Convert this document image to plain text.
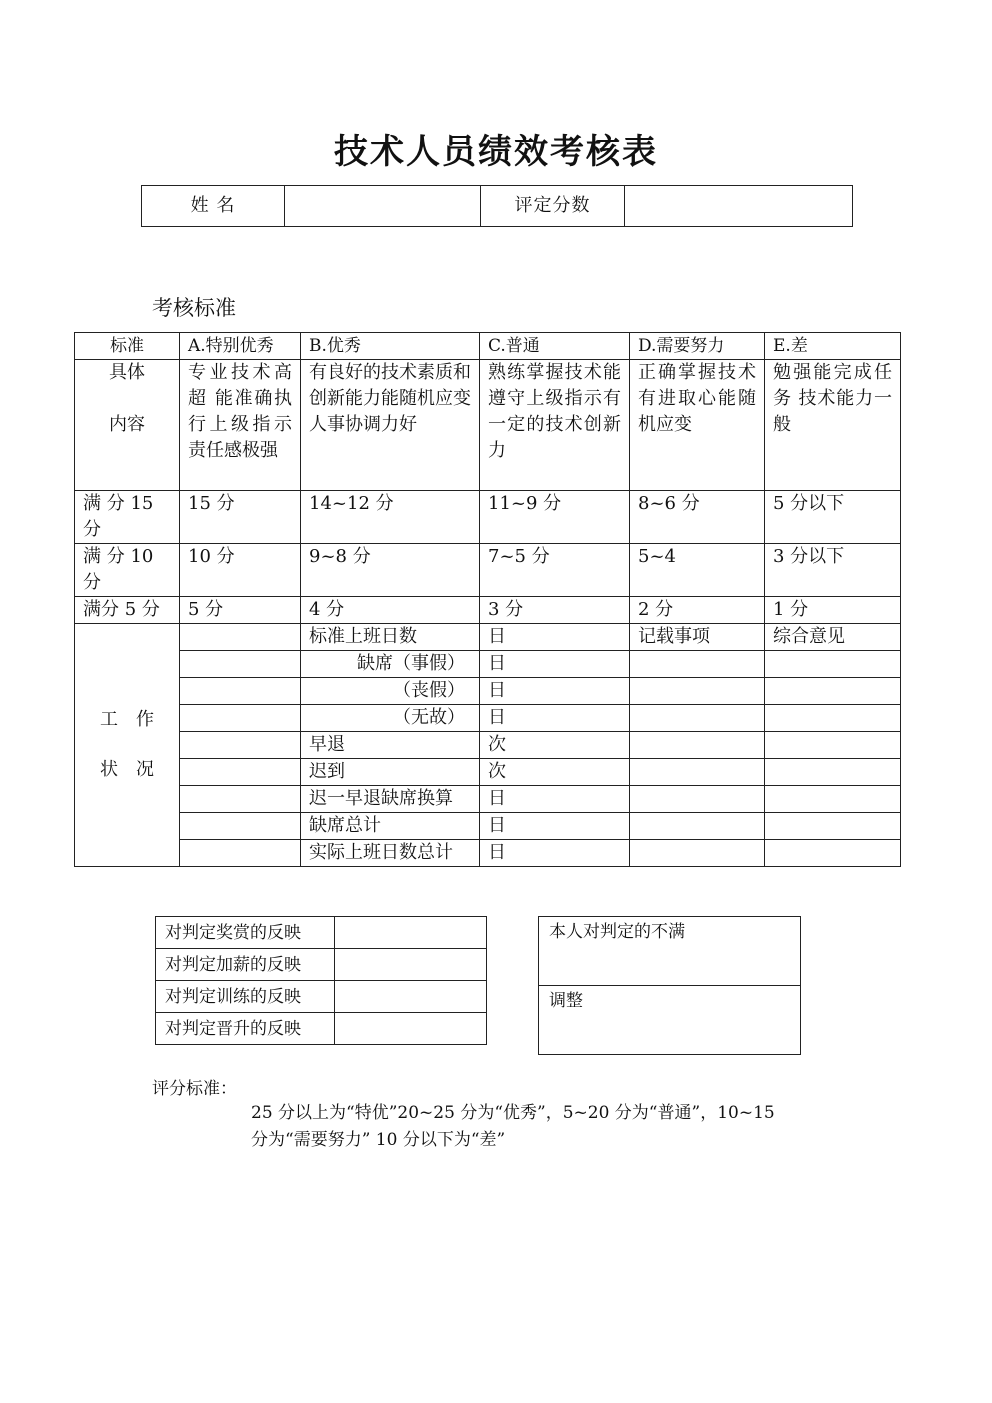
技术人员绩效考核表
姓 名		评定分数	
考核标准
标准	A.特别优秀	B.优秀	C.普通	D.需要努力	E.差
具体

内容	专业技术高超 能准确执行上级指示责任感极强	有良好的技术素质和创新能力能随机应变人事协调力好	熟练掌握技术能遵守上级指示有一定的技术创新力	正确掌握技术 有进取心能随机应变	勉强能完成任务 技术能力一般
满 分 15 分	15 分	14~12 分	11~9 分	8~6 分	5 分以下
满 分 10 分	10 分	9~8 分	7~5 分	5~4	3 分以下
满分 5 分	5 分	4 分	3 分	2 分	1 分

工　作
状　况		标准上班日数	日	记载事项	综合意见
		缺席（事假）	日		
		（丧假）	日		
		（无故）	日		
		早退	次		
		迟到	次		
		迟一早退缺席换算	日		
		缺席总计	日		
		实际上班日数总计	日		
对判定奖赏的反映	
对判定加薪的反映	
对判定训练的反映	
对判定晋升的反映	
本人对判定的不满
调整
评分标准：
25 分以上为“特优”20~25 分为“优秀”，5~20 分为“普通”，10~15
分为“需要努力” 10 分以下为“差”
